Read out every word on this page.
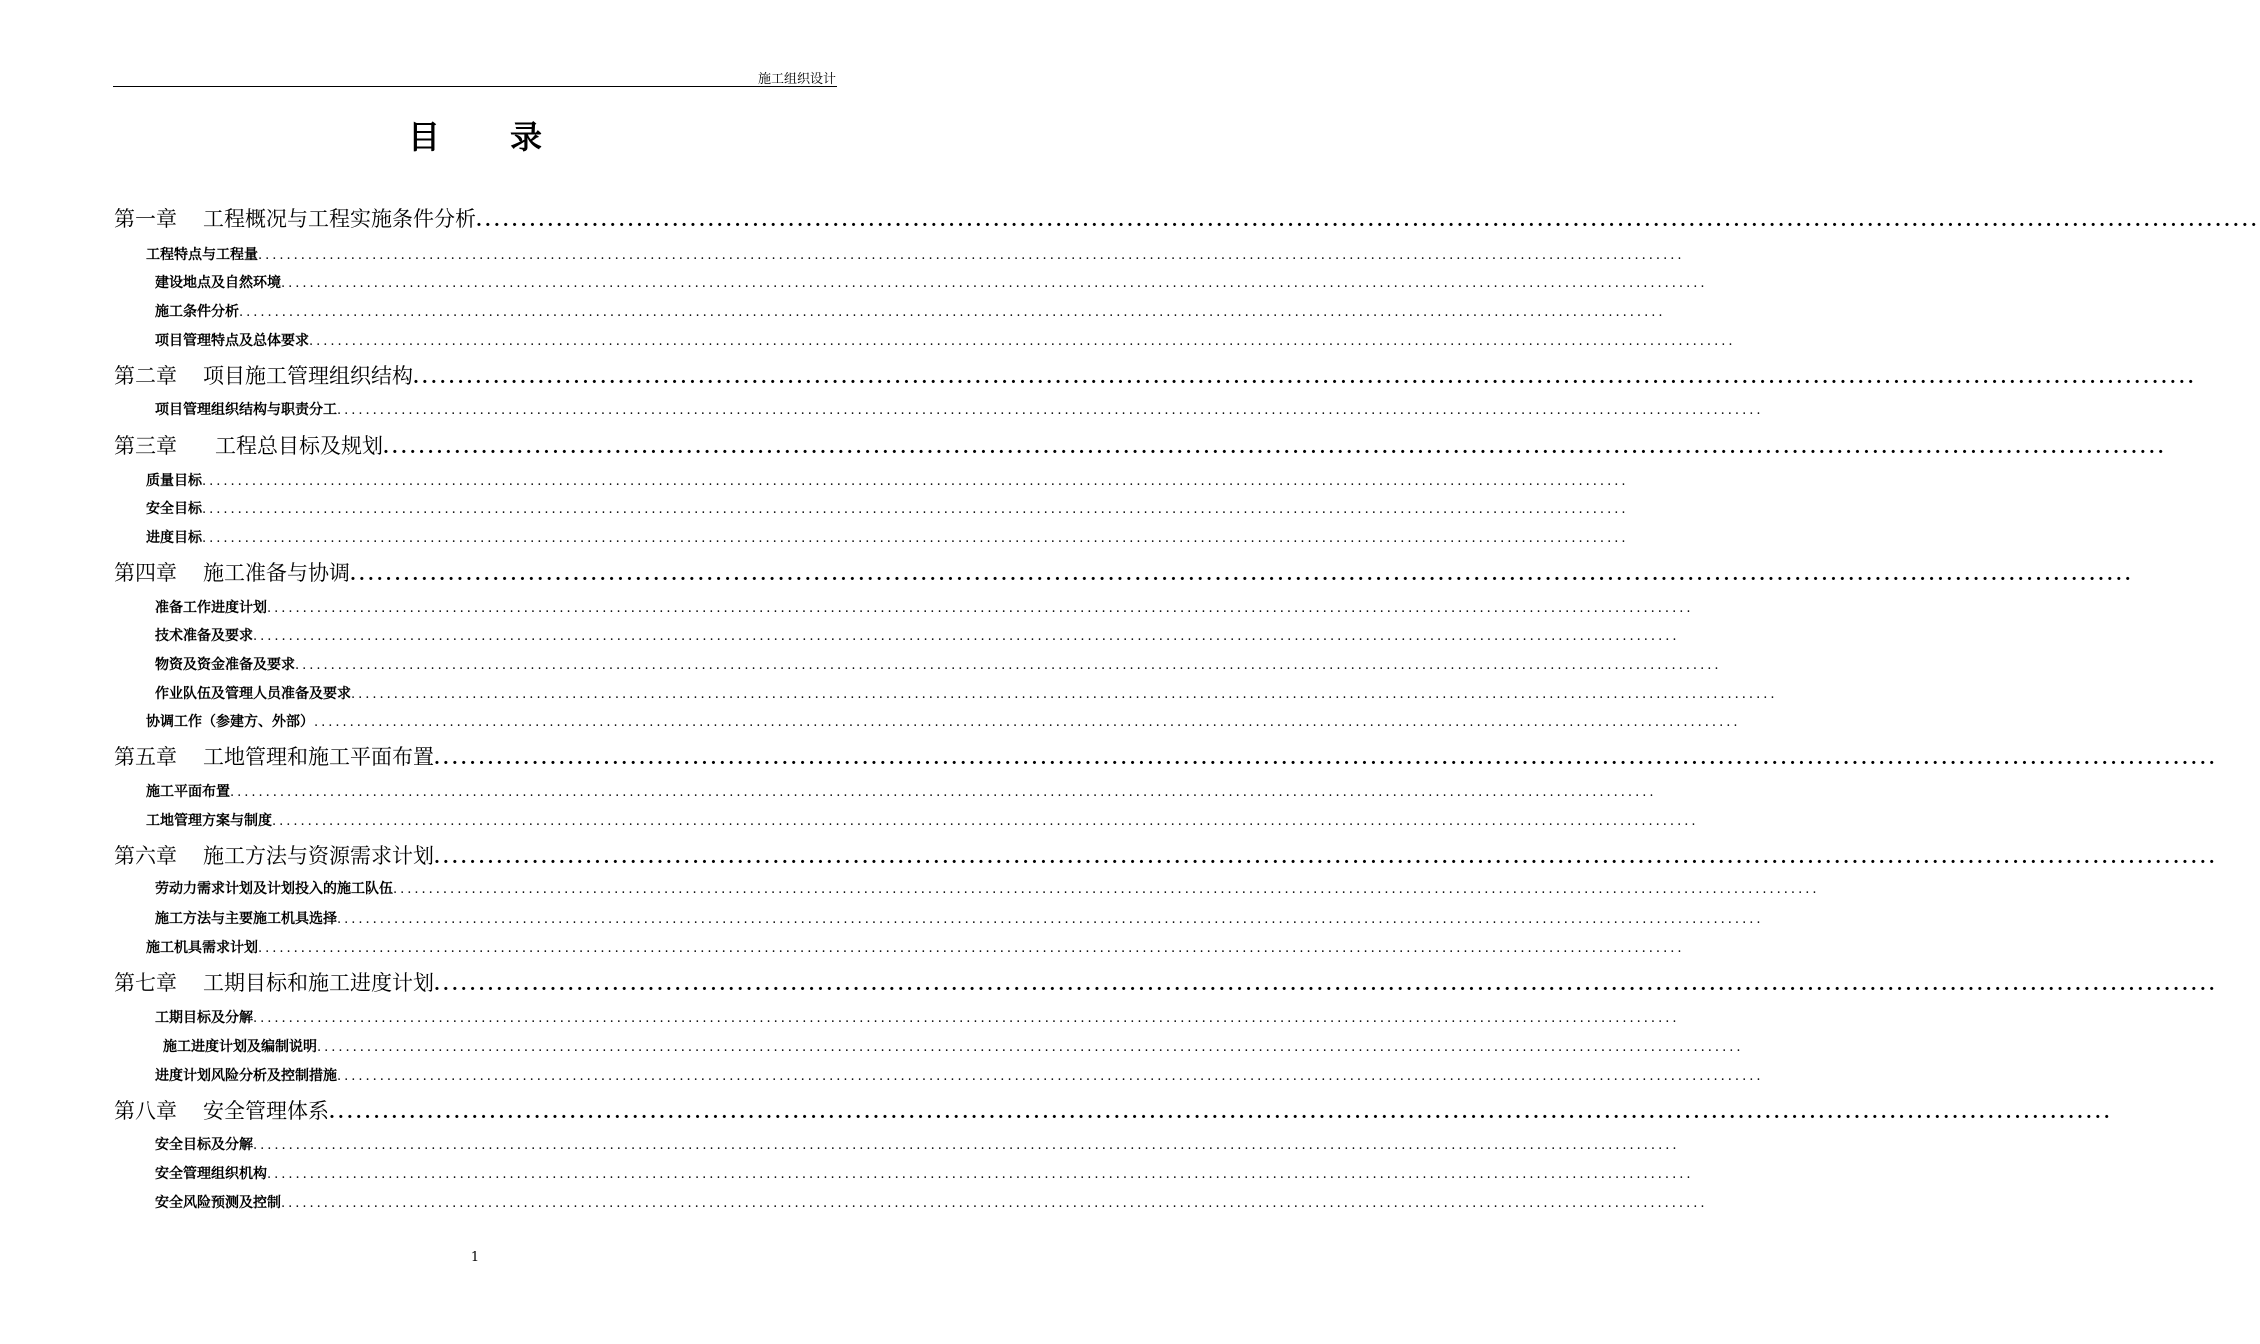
施工组织设计
目 录
第一章 工程概况与工程实施条件分析 ........................................................................................................................................................................................................
工程特点与工程量 ........................................................................................................................................................................................................
建设地点及自然环境 ........................................................................................................................................................................................................
施工条件分析 ........................................................................................................................................................................................................
项目管理特点及总体要求 ........................................................................................................................................................................................................
第二章 项目施工管理组织结构 ........................................................................................................................................................................................................
项目管理组织结构与职责分工 ........................................................................................................................................................................................................
第三章 工程总目标及规划 ........................................................................................................................................................................................................
质量目标 ........................................................................................................................................................................................................
安全目标 ........................................................................................................................................................................................................
进度目标 ........................................................................................................................................................................................................
第四章 施工准备与协调 ........................................................................................................................................................................................................
准备工作进度计划 ........................................................................................................................................................................................................
技术准备及要求 ........................................................................................................................................................................................................
物资及资金准备及要求 ........................................................................................................................................................................................................
作业队伍及管理人员准备及要求 ........................................................................................................................................................................................................
协调工作（参建方、外部） ........................................................................................................................................................................................................
第五章 工地管理和施工平面布置 ........................................................................................................................................................................................................
施工平面布置 ........................................................................................................................................................................................................
工地管理方案与制度 ........................................................................................................................................................................................................
第六章 施工方法与资源需求计划 ........................................................................................................................................................................................................
劳动力需求计划及计划投入的施工队伍 ........................................................................................................................................................................................................
施工方法与主要施工机具选择 ........................................................................................................................................................................................................
施工机具需求计划 ........................................................................................................................................................................................................
第七章 工期目标和施工进度计划 ........................................................................................................................................................................................................
工期目标及分解 ........................................................................................................................................................................................................
施工进度计划及编制说明 ........................................................................................................................................................................................................
进度计划风险分析及控制措施 ........................................................................................................................................................................................................
第八章 安全管理体系 ........................................................................................................................................................................................................
安全目标及分解 ........................................................................................................................................................................................................
安全管理组织机构 ........................................................................................................................................................................................................
安全风险预测及控制 ........................................................................................................................................................................................................
1
